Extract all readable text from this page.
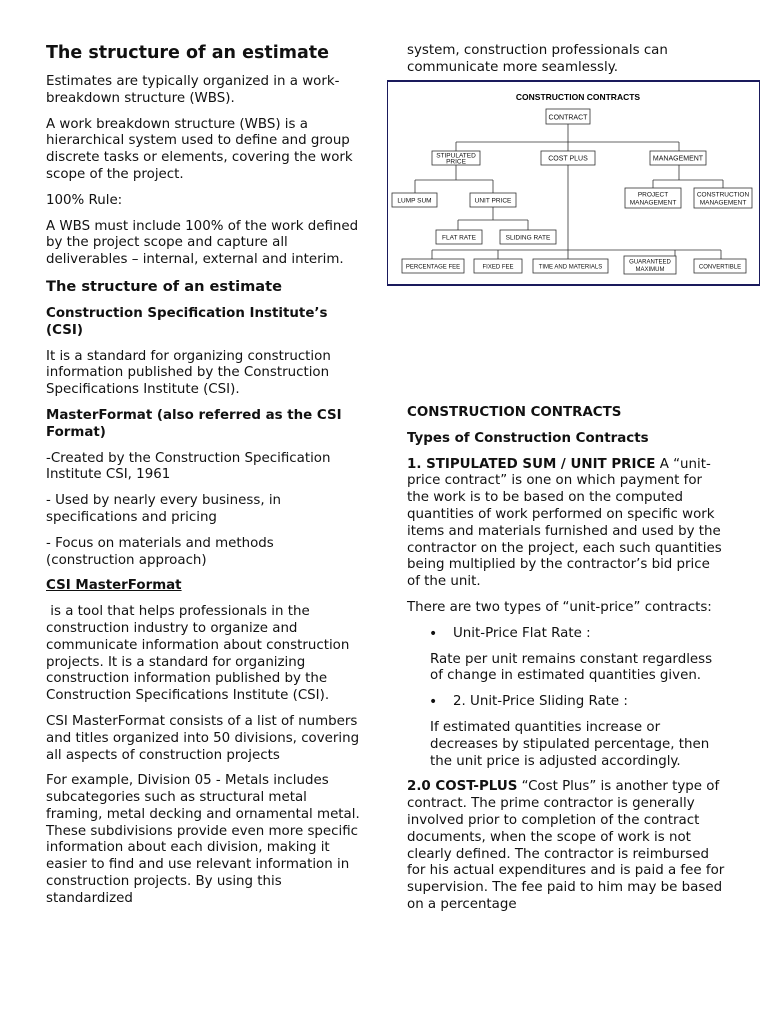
The structure of an estimate

Estimates are typically organized in a work-breakdown structure (WBS).

A work breakdown structure (WBS) is a hierarchical system used to define and group discrete tasks or elements, covering the work scope of the project.

100% Rule:

A WBS must include 100% of the work defined by the project scope and capture all deliverables – internal, external and interim.

The structure of an estimate

Construction Specification Institute’s (CSI)

It is a standard for organizing construction information published by the Construction Specifications Institute (CSI).

MasterFormat (also referred as the CSI Format)

-Created by the Construction Specification Institute CSI, 1961

- Used by nearly every business, in specifications and pricing

- Focus on materials and methods (construction approach)

CSI MasterFormat

is a tool that helps professionals in the construction industry to organize and communicate information about construction projects. It is a standard for organizing construction information published by the Construction Specifications Institute (CSI).

CSI MasterFormat consists of a list of numbers and titles organized into 50 divisions, covering all aspects of construction projects

For example, Division 05 - Metals includes subcategories such as structural metal framing, metal decking and ornamental metal. These subdivisions provide even more specific information about each division, making it easier to find and use relevant information in construction projects. By using this standardized

system, construction professionals can communicate more seamlessly.

CONSTRUCTION CONTRACTS
CONTRACT
STIPULATED
PRICE	COST PLUS	MANAGEMENT
LUMP SUM	UNIT PRICE
PROJECT
MANAGEMENT
CONSTRUCTION
MANAGEMENT
FLAT RATE	SLIDING RATE
PERCENTAGE FEE	FIXED FEE	TIME AND MATERIALS
GUARANTEED
MAXIMUM	CONVERTIBLE

CONSTRUCTION CONTRACTS

Types of Construction Contracts

1. STIPULATED SUM / UNIT PRICE A “unit-price contract” is one on which payment for the work is to be based on the computed quantities of work performed on specific work items and materials furnished and used by the contractor on the project, each such quantities being multiplied by the contractor’s bid price of the unit.

There are two types of “unit-price” contracts:

• Unit-Price Flat Rate :

Rate per unit remains constant regardless of change in estimated quantities given.

• 2. Unit-Price Sliding Rate :

If estimated quantities increase or decreases by stipulated percentage, then the unit price is adjusted accordingly.

2.0 COST-PLUS “Cost Plus” is another type of contract. The prime contractor is generally involved prior to completion of the contract documents, when the scope of work is not clearly defined. The contractor is reimbursed for his actual expenditures and is paid a fee for supervision. The fee paid to him may be based on a percentage
